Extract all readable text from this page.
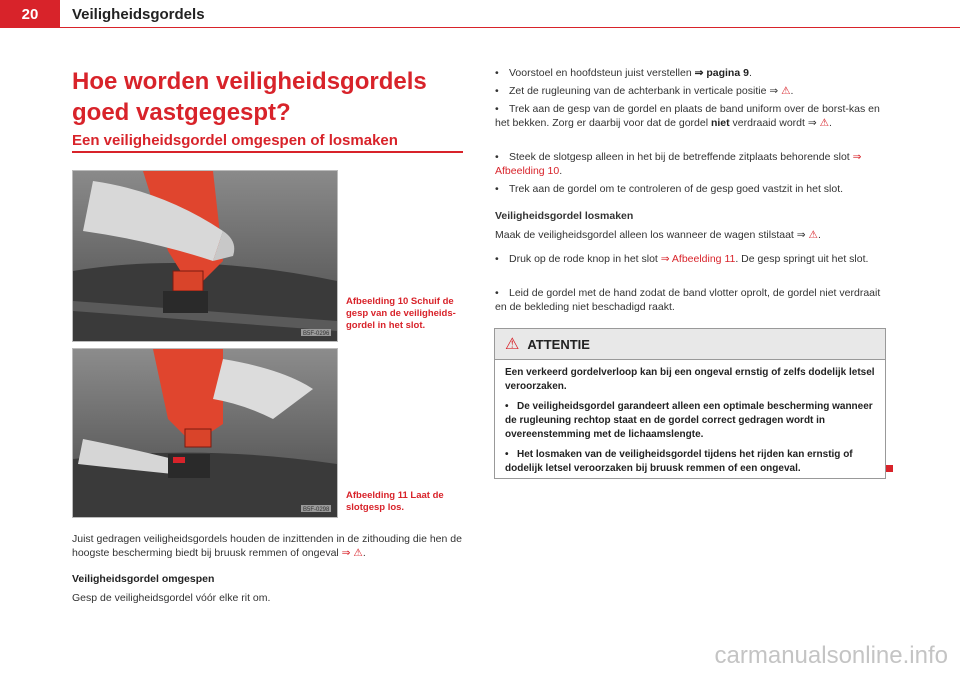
20	Veiligheidsgordels
Hoe worden veiligheidsgordels goed vastgegespt?
Een veiligheidsgordel omgespen of losmaken
B5F-0296
Afbeelding 10 Schuif de gesp van de veiligheids-gordel in het slot.
B5F-0298
Afbeelding 11 Laat de slotgesp los.
Juist gedragen veiligheidsgordels houden de inzittenden in de zithouding die hen de hoogste bescherming biedt bij bruusk remmen of ongeval ⇒ ⚠.
Veiligheidsgordel omgespen
Gesp de veiligheidsgordel vóór elke rit om.
• Voorstoel en hoofdsteun juist verstellen ⇒ pagina 9.
• Zet de rugleuning van de achterbank in verticale positie ⇒ ⚠.
• Trek aan de gesp van de gordel en plaats de band uniform over de borst-kas en het bekken. Zorg er daarbij voor dat de gordel niet verdraaid wordt ⇒ ⚠.
• Steek de slotgesp alleen in het bij de betreffende zitplaats behorende slot ⇒ Afbeelding 10.
• Trek aan de gordel om te controleren of de gesp goed vastzit in het slot.
Veiligheidsgordel losmaken
Maak de veiligheidsgordel alleen los wanneer de wagen stilstaat ⇒ ⚠.
• Druk op de rode knop in het slot ⇒ Afbeelding 11. De gesp springt uit het slot.
• Leid de gordel met de hand zodat de band vlotter oprolt, de gordel niet verdraait en de bekleding niet beschadigd raakt.
⚠ ATTENTIE

Een verkeerd gordelverloop kan bij een ongeval ernstig of zelfs dodelijk letsel veroorzaken.

• De veiligheidsgordel garandeert alleen een optimale bescherming wanneer de rugleuning rechtop staat en de gordel correct gedragen wordt in overeenstemming met de lichaamslengte.

• Het losmaken van de veiligheidsgordel tijdens het rijden kan ernstig of dodelijk letsel veroorzaken bij bruusk remmen of een ongeval.

carmanualsonline.info
